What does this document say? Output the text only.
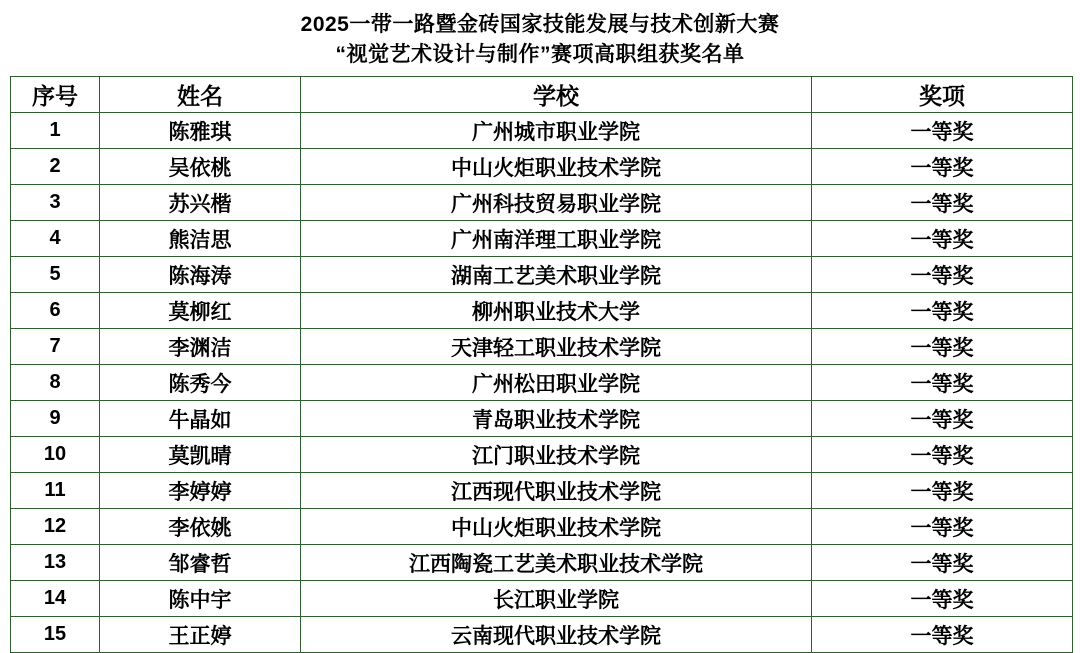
2025一带一路暨金砖国家技能发展与技术创新大赛
“视觉艺术设计与制作”赛项高职组获奖名单
序号	姓名	学校	奖项
1	陈雅琪	广州城市职业学院	一等奖
2	吴依桃	中山火炬职业技术学院	一等奖
3	苏兴楷	广州科技贸易职业学院	一等奖
4	熊洁思	广州南洋理工职业学院	一等奖
5	陈海涛	湖南工艺美术职业学院	一等奖
6	莫柳红	柳州职业技术大学	一等奖
7	李渊洁	天津轻工职业技术学院	一等奖
8	陈秀今	广州松田职业学院	一等奖
9	牛晶如	青岛职业技术学院	一等奖
10	莫凯晴	江门职业技术学院	一等奖
11	李婷婷	江西现代职业技术学院	一等奖
12	李依姚	中山火炬职业技术学院	一等奖
13	邹睿哲	江西陶瓷工艺美术职业技术学院	一等奖
14	陈中宇	长江职业学院	一等奖
15	王正婷	云南现代职业技术学院	一等奖
